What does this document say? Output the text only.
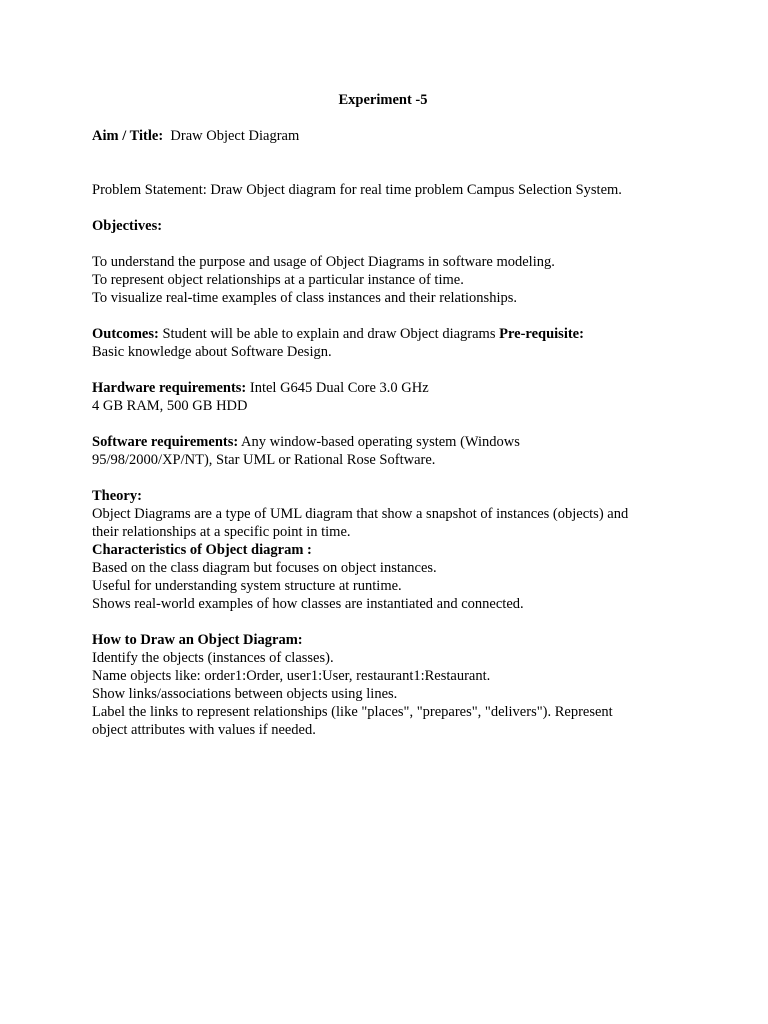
Experiment -5

Aim / Title: Draw Object Diagram

Problem Statement: Draw Object diagram for real time problem Campus Selection System.

Objectives:

To understand the purpose and usage of Object Diagrams in software modeling.

To represent object relationships at a particular instance of time.

To visualize real-time examples of class instances and their relationships.

Outcomes: Student will be able to explain and draw Object diagrams Pre-requisite:

Basic knowledge about Software Design.

Hardware requirements: Intel G645 Dual Core 3.0 GHz

4 GB RAM, 500 GB HDD

Software requirements: Any window-based operating system (Windows

95/98/2000/XP/NT), Star UML or Rational Rose Software.

Theory:

Object Diagrams are a type of UML diagram that show a snapshot of instances (objects) and

their relationships at a specific point in time.

Characteristics of Object diagram :

Based on the class diagram but focuses on object instances.

Useful for understanding system structure at runtime.

Shows real-world examples of how classes are instantiated and connected.

How to Draw an Object Diagram:

Identify the objects (instances of classes).

Name objects like: order1:Order, user1:User, restaurant1:Restaurant.

Show links/associations between objects using lines.

Label the links to represent relationships (like "places", "prepares", "delivers"). Represent

object attributes with values if needed.
